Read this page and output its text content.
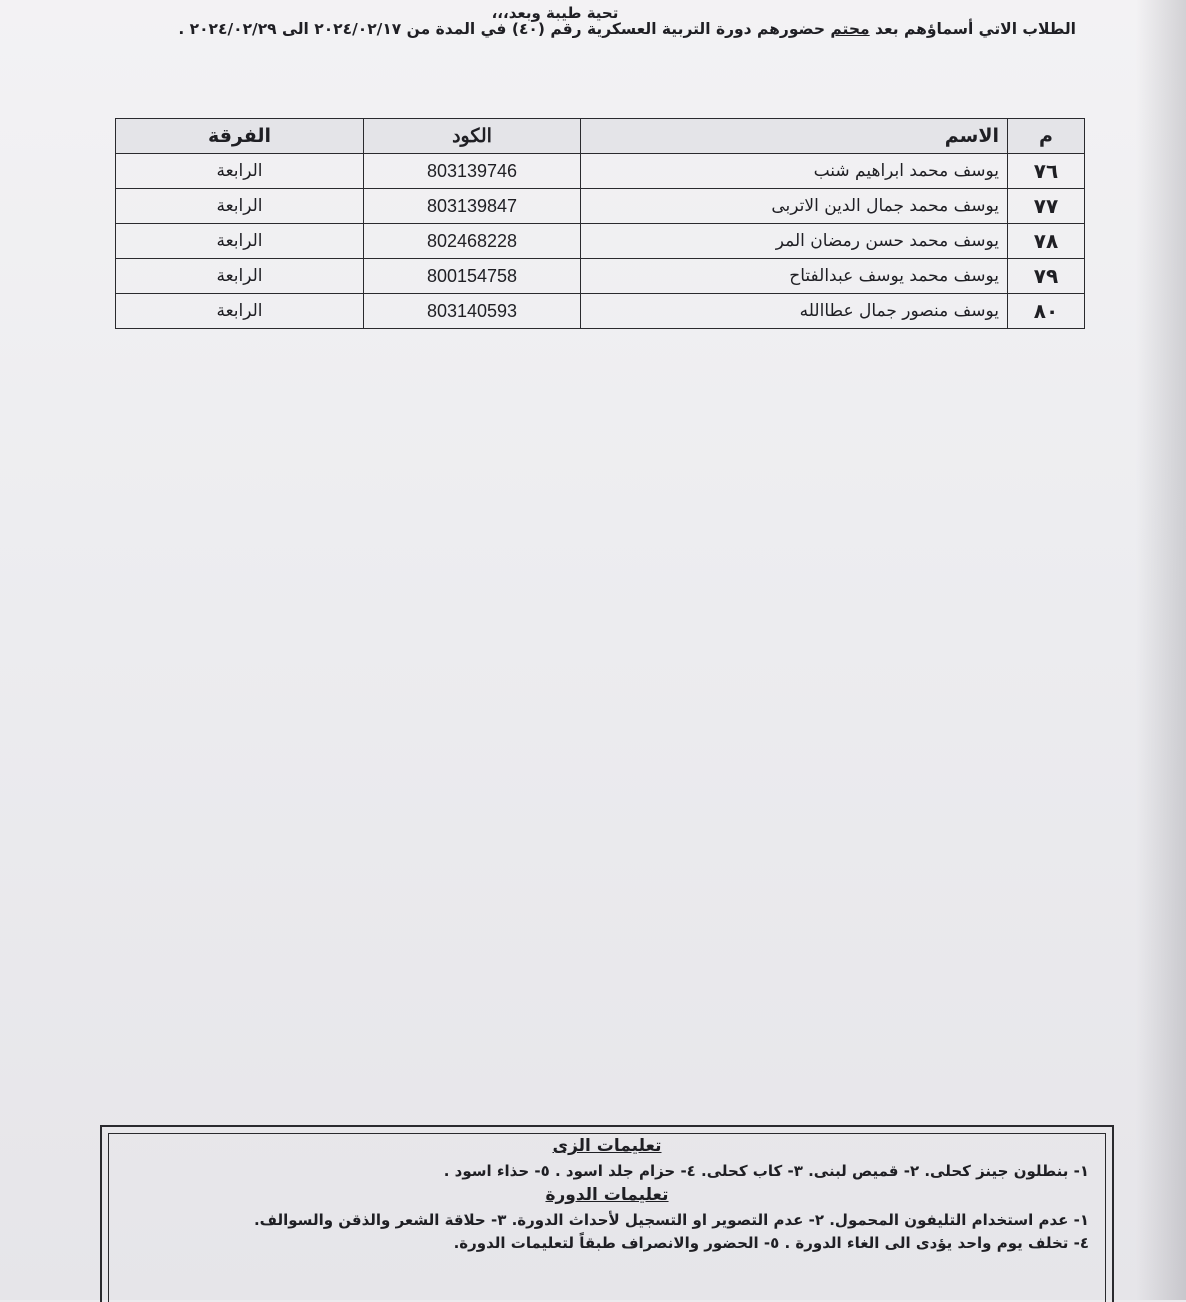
تحية طيبة وبعد،،،
الطلاب الاتي أسماؤهم بعد محتم حضورهم دورة التربية العسكرية رقم (٤٠) في المدة من ٢٠٢٤/٠٢/١٧ الى ٢٠٢٤/٠٢/٢٩ .
م	الاسم	الكود	الفرقة
٧٦	يوسف محمد ابراهيم شنب	803139746	الرابعة
٧٧	يوسف محمد جمال الدين الاتربى	803139847	الرابعة
٧٨	يوسف محمد حسن رمضان المر	802468228	الرابعة
٧٩	يوسف محمد يوسف عبدالفتاح	800154758	الرابعة
٨٠	يوسف منصور جمال عطاالله	803140593	الرابعة
تعليمات الزى
١- بنطلون جينز كحلى. ٢- قميص لبنى. ٣- كاب كحلى. ٤- حزام جلد اسود . ٥- حذاء اسود .
تعليمات الدورة
١- عدم استخدام التليفون المحمول. ٢- عدم التصوير او التسجيل لأحداث الدورة. ٣- حلاقة الشعر والذقن والسوالف.
٤- تخلف يوم واحد يؤدى الى الغاء الدورة . ٥- الحضور والانصراف طبقاً لتعليمات الدورة.
